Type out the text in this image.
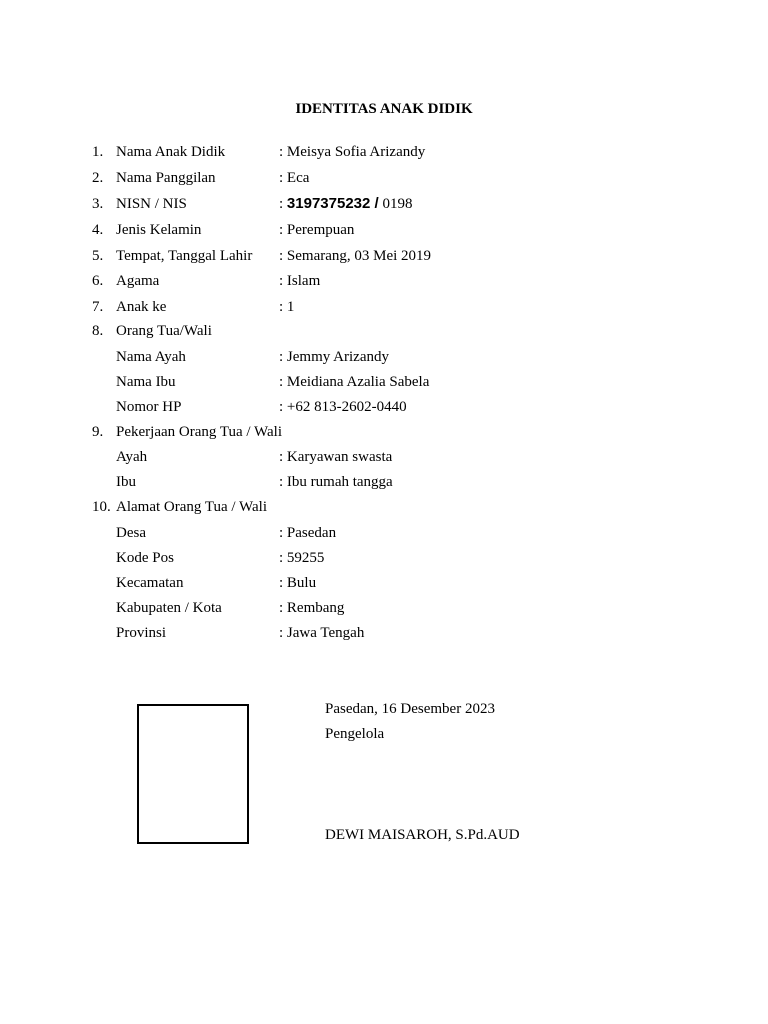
IDENTITAS ANAK DIDIK
1. Nama Anak Didik	: Meisya Sofia Arizandy
2. Nama Panggilan	: Eca
3. NISN / NIS	: 3197375232 / 0198
4. Jenis Kelamin	: Perempuan
5. Tempat, Tanggal Lahir : Semarang, 03 Mei 2019
6. Agama	: Islam
7. Anak ke	: 1
8. Orang Tua/Wali
Nama Ayah	: Jemmy Arizandy
Nama Ibu	: Meidiana Azalia Sabela
Nomor HP	: +62 813-2602-0440
9. Pekerjaan Orang Tua / Wali
Ayah	: Karyawan swasta
Ibu	: Ibu rumah tangga
10. Alamat Orang Tua / Wali
Desa	: Pasedan
Kode Pos	: 59255
Kecamatan	: Bulu
Kabupaten / Kota	: Rembang
Provinsi	: Jawa Tengah
Pasedan, 16 Desember 2023
Pengelola
DEWI MAISAROH, S.Pd.AUD
